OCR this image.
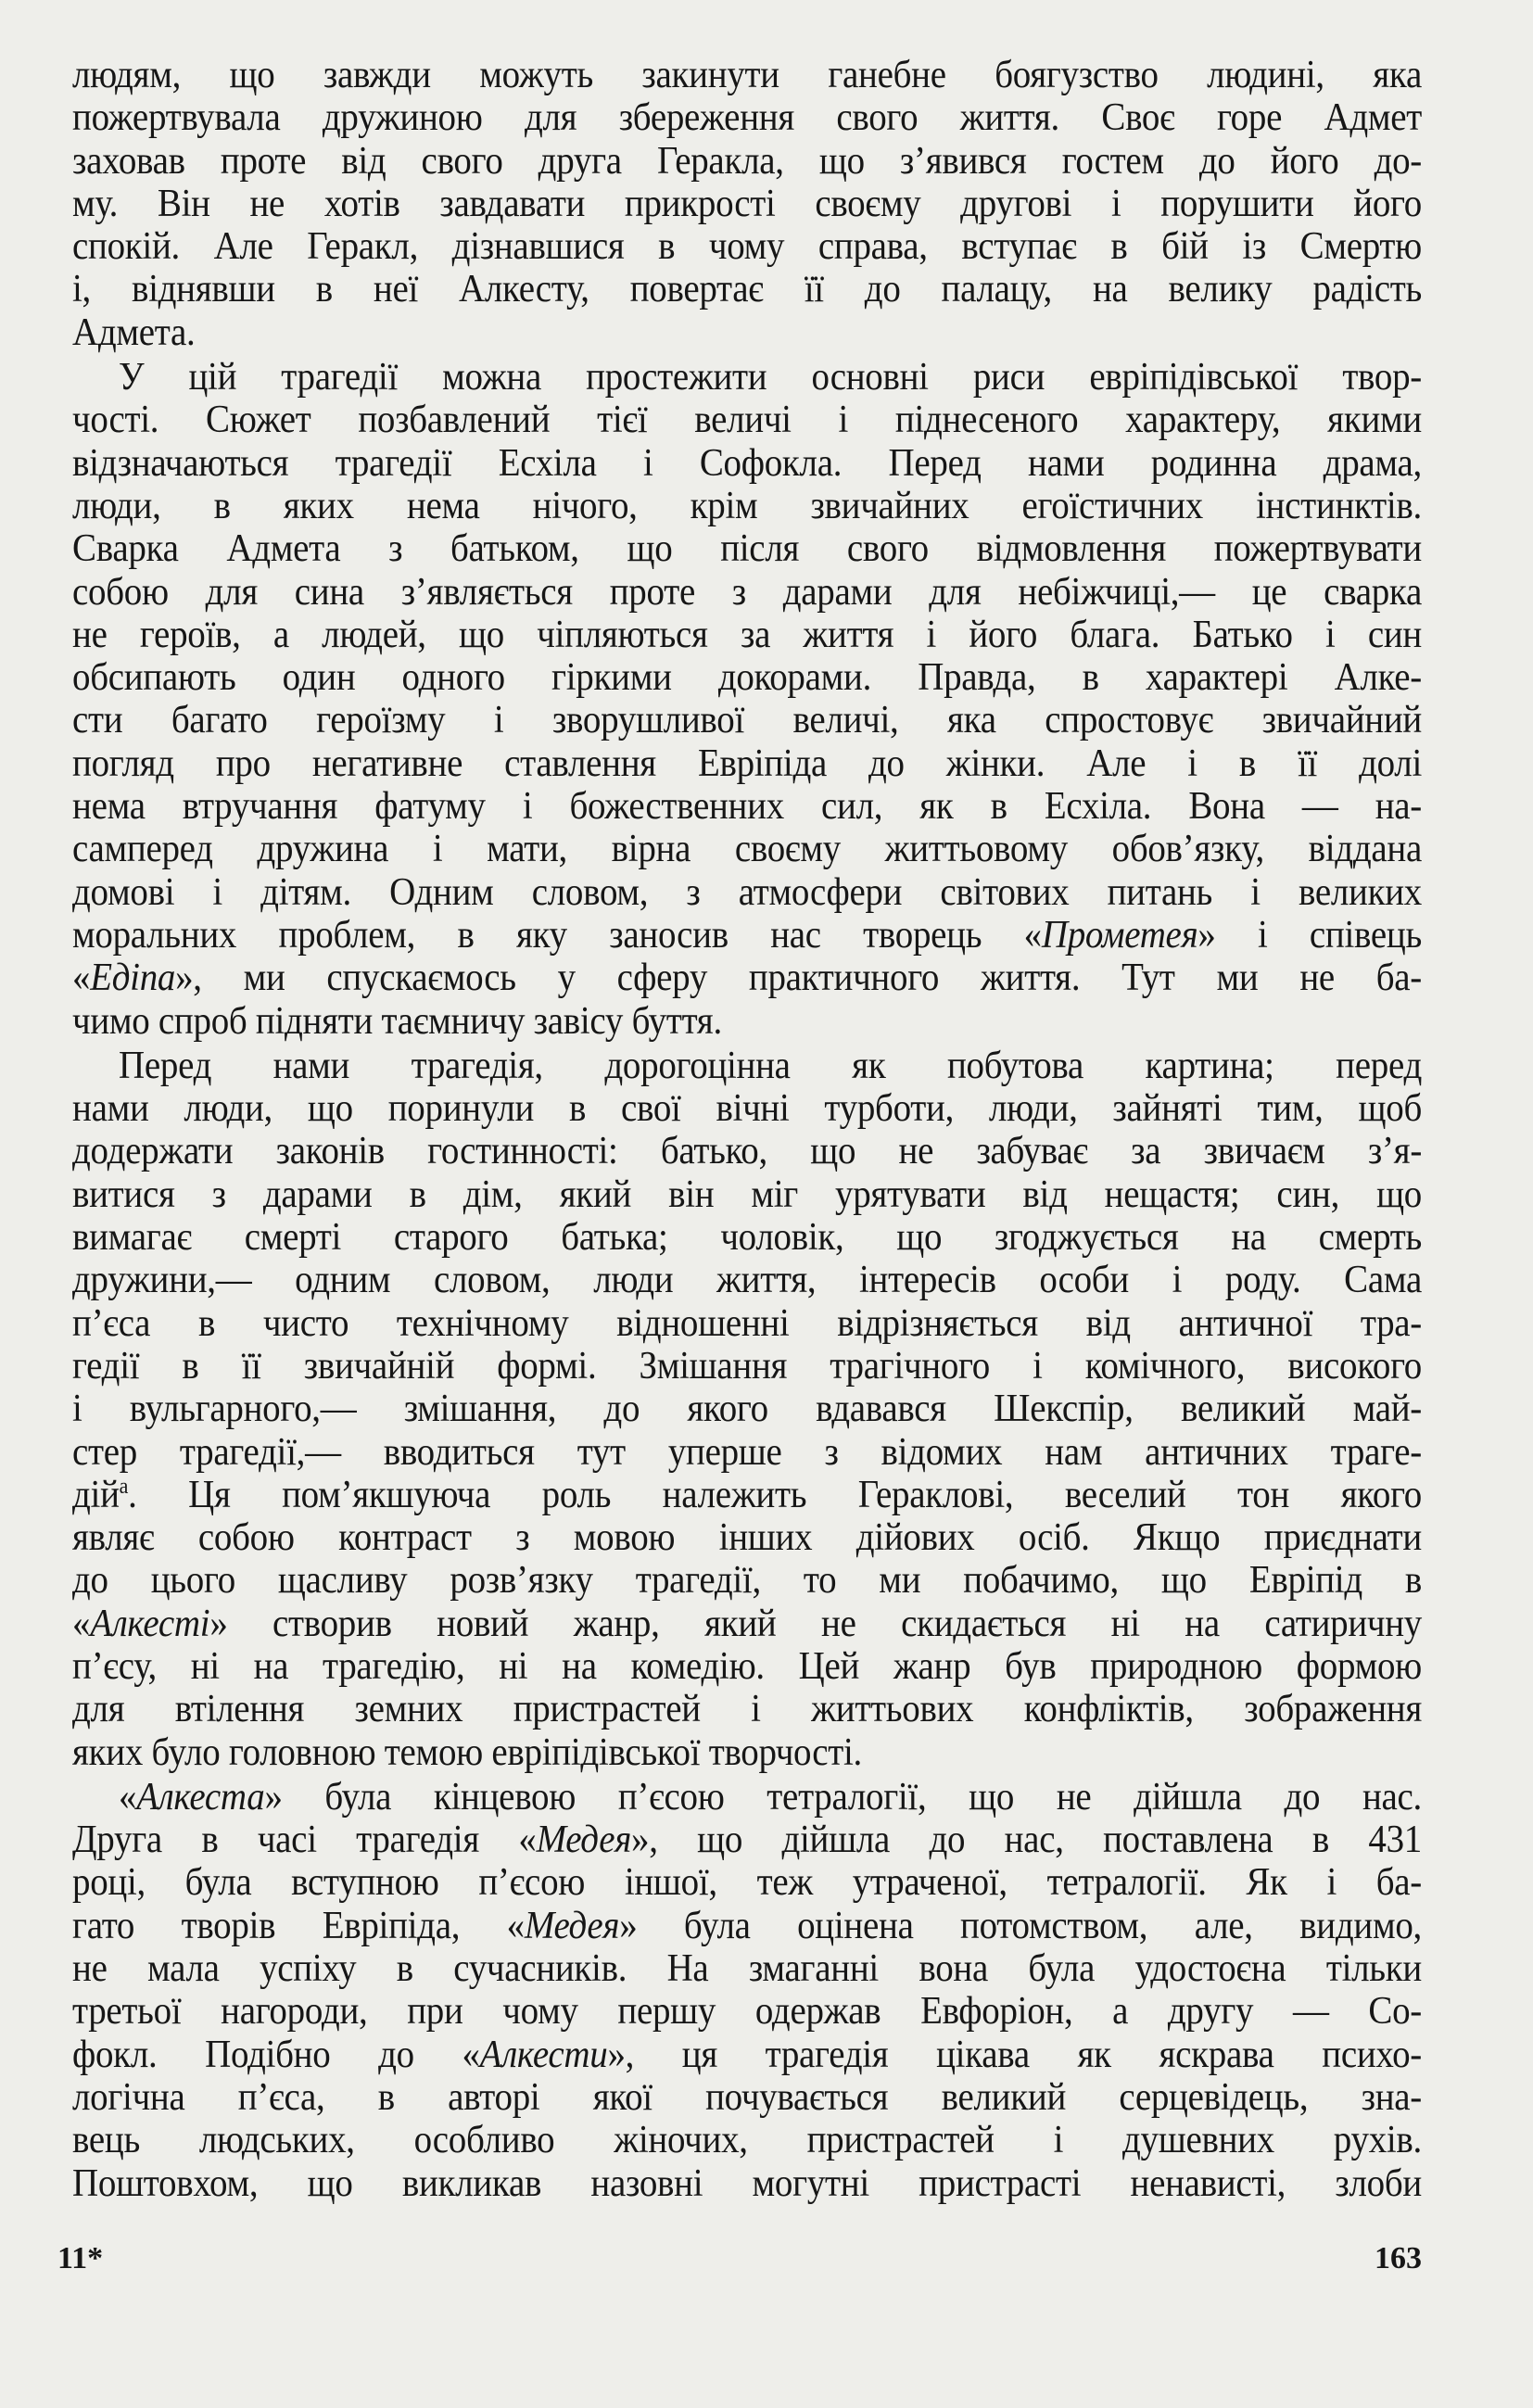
людям, що завжди можуть закинути ганебне боягузство людині, яка
пожертвувала дружиною для збереження свого життя. Своє горе Адмет
заховав проте від свого друга Геракла, що з’явився гостем до його до-
му. Він не хотів завдавати прикрості своєму другові і порушити його
спокій. Але Геракл, дізнавшися в чому справа, вступає в бій із Смертю
і, віднявши в неї Алкесту, повертає її до палацу, на велику радість
Адмета.
У цій трагедії можна простежити основні риси евріпідівської твор-
чості. Сюжет позбавлений тієї величі і піднесеного характеру, якими
відзначаються трагедії Есхіла і Софокла. Перед нами родинна драма,
люди, в яких нема нічого, крім звичайних егоїстичних інстинктів.
Сварка Адмета з батьком, що після свого відмовлення пожертвувати
собою для сина з’являється проте з дарами для небіжчиці,— це сварка
не героїв, а людей, що чіпляються за життя і його блага. Батько і син
обсипають один одного гіркими докорами. Правда, в характері Алке-
сти багато героїзму і зворушливої величі, яка спростовує звичайний
погляд про негативне ставлення Евріпіда до жінки. Але і в її долі
нема втручання фатуму і божественних сил, як в Есхіла. Вона — на-
самперед дружина і мати, вірна своєму життьовому обов’язку, віддана
домові і дітям. Одним словом, з атмосфери світових питань і великих
моральних проблем, в яку заносив нас творець «Прометея» і співець
«Едіпа», ми спускаємось у сферу практичного життя. Тут ми не ба-
чимо спроб підняти таємничу завісу буття.
Перед нами трагедія, дорогоцінна як побутова картина; перед
нами люди, що поринули в свої вічні турботи, люди, зайняті тим, щоб
додержати законів гостинності: батько, що не забуває за звичаєм з’я-
витися з дарами в дім, який він міг урятувати від нещастя; син, що
вимагає смерті старого батька; чоловік, що згоджується на смерть
дружини,— одним словом, люди життя, інтересів особи і роду. Сама
п’єса в чисто технічному відношенні відрізняється від античної тра-
гедії в її звичайній формі. Змішання трагічного і комічного, високого
і вульгарного,— змішання, до якого вдавався Шекспір, великий май-
стер трагедії,— вводиться тут уперше з відомих нам античних траге-
дій$^a$. Ця пом’якшуюча роль належить Гераклові, веселий тон якого
являє собою контраст з мовою інших дійових осіб. Якщо приєднати
до цього щасливу розв’язку трагедії, то ми побачимо, що Евріпід в
«Алкесті» створив новий жанр, який не скидається ні на сатиричну
п’єсу, ні на трагедію, ні на комедію. Цей жанр був природною формою
для втілення земних пристрастей і життьових конфліктів, зображення
яких було головною темою евріпідівської творчості.
«Алкеста» була кінцевою п’єсою тетралогії, що не дійшла до нас.
Друга в часі трагедія «Медея», що дійшла до нас, поставлена в 431
році, була вступною п’єсою іншої, теж утраченої, тетралогії. Як і ба-
гато творів Евріпіда, «Медея» була оцінена потомством, але, видимо,
не мала успіху в сучасників. На змаганні вона була удостоєна тільки
третьої нагороди, при чому першу одержав Евфоріон, а другу — Со-
фокл. Подібно до «Алкести», ця трагедія цікава як яскрава психо-
логічна п’єса, в авторі якої почувається великий серцевідець, зна-
вець людських, особливо жіночих, пристрастей і душевних рухів.
Поштовхом, що викликав назовні могутні пристрасті ненависті, злоби
11*	163
